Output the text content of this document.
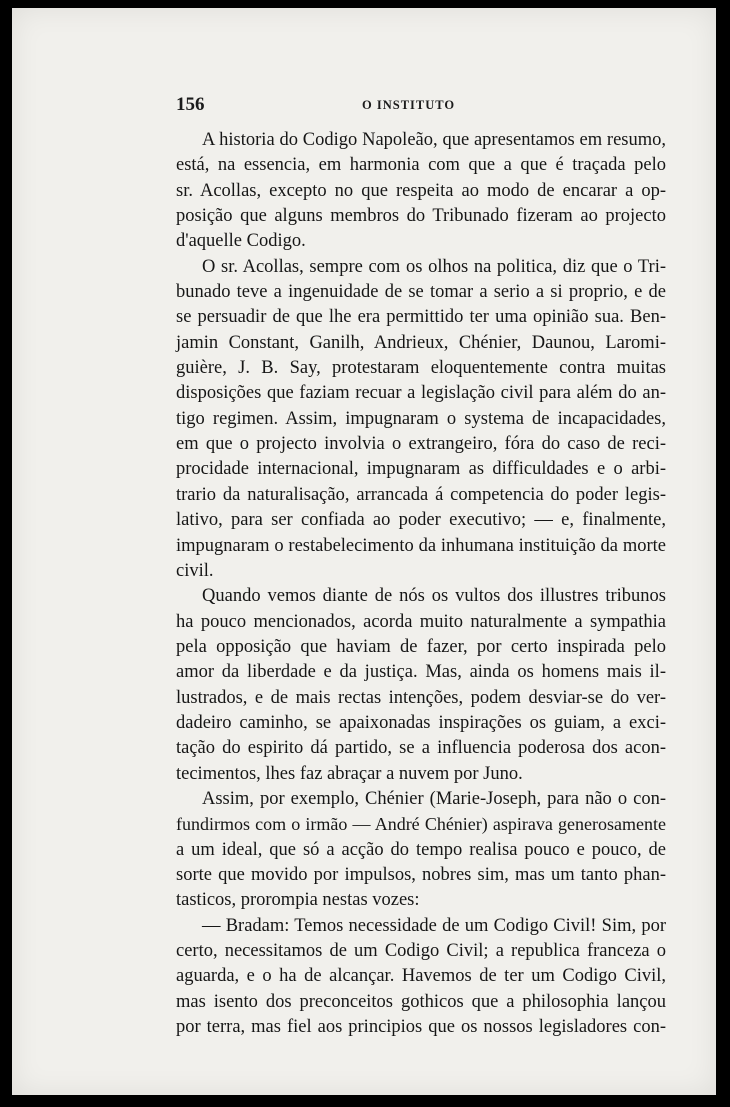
156	O INSTITUTO
A historia do Codigo Napoleão, que apresentamos em resumo,
está, na essencia, em harmonia com que a que é traçada pelo
sr. Acollas, excepto no que respeita ao modo de encarar a op-
posição que alguns membros do Tribunado fizeram ao projecto
d'aquelle Codigo.
O sr. Acollas, sempre com os olhos na politica, diz que o Tri-
bunado teve a ingenuidade de se tomar a serio a si proprio, e de
se persuadir de que lhe era permittido ter uma opinião sua. Ben-
jamin Constant, Ganilh, Andrieux, Chénier, Daunou, Laromi-
guière, J. B. Say, protestaram eloquentemente contra muitas
disposições que faziam recuar a legislação civil para além do an-
tigo regimen. Assim, impugnaram o systema de incapacidades,
em que o projecto involvia o extrangeiro, fóra do caso de reci-
procidade internacional, impugnaram as difficuldades e o arbi-
trario da naturalisação, arrancada á competencia do poder legis-
lativo, para ser confiada ao poder executivo; — e, finalmente,
impugnaram o restabelecimento da inhumana instituição da morte
civil.
Quando vemos diante de nós os vultos dos illustres tribunos
ha pouco mencionados, acorda muito naturalmente a sympathia
pela opposição que haviam de fazer, por certo inspirada pelo
amor da liberdade e da justiça. Mas, ainda os homens mais il-
lustrados, e de mais rectas intenções, podem desviar-se do ver-
dadeiro caminho, se apaixonadas inspirações os guiam, a exci-
tação do espirito dá partido, se a influencia poderosa dos acon-
tecimentos, lhes faz abraçar a nuvem por Juno.
Assim, por exemplo, Chénier (Marie-Joseph, para não o con-
fundirmos com o irmão — André Chénier) aspirava generosamente
a um ideal, que só a acção do tempo realisa pouco e pouco, de
sorte que movido por impulsos, nobres sim, mas um tanto phan-
tasticos, prorompia nestas vozes:
— Bradam: Temos necessidade de um Codigo Civil! Sim, por
certo, necessitamos de um Codigo Civil; a republica franceza o
aguarda, e o ha de alcançar. Havemos de ter um Codigo Civil,
mas isento dos preconceitos gothicos que a philosophia lançou
por terra, mas fiel aos principios que os nossos legisladores con-
